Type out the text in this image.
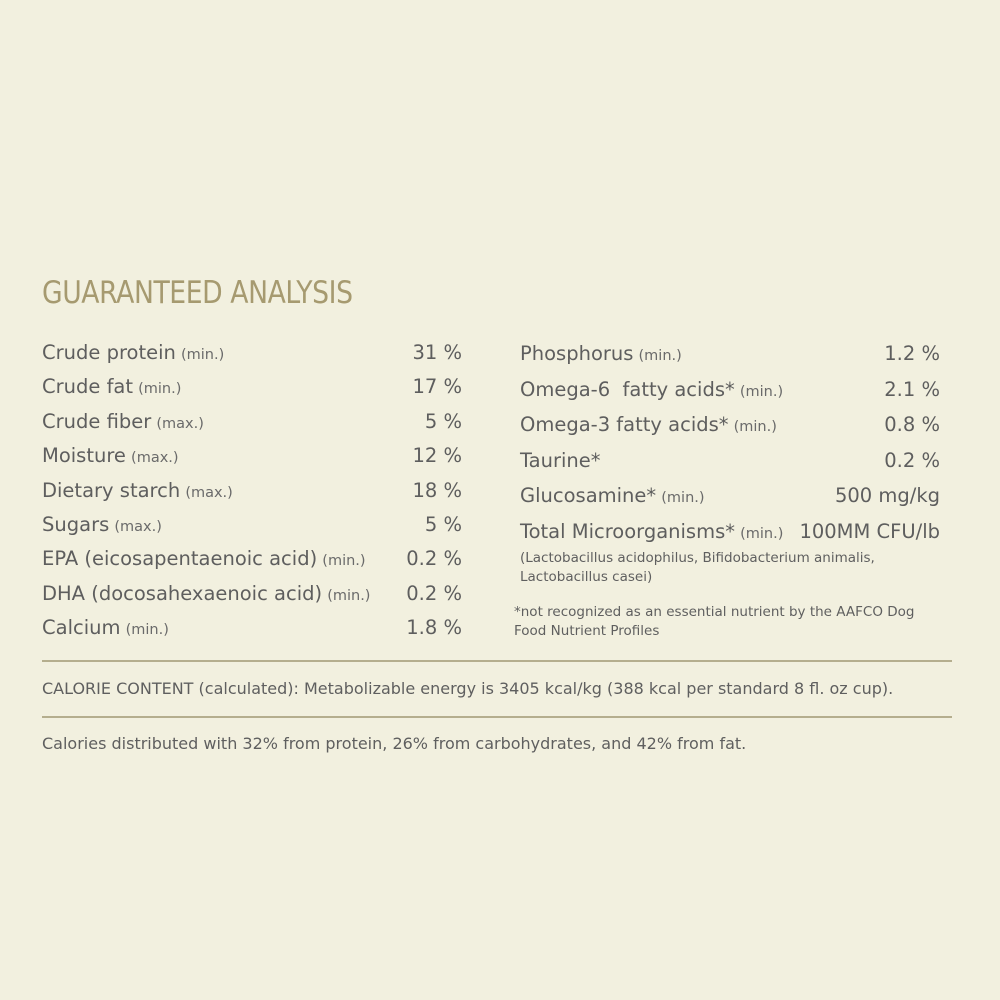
GUARANTEED ANALYSIS
Crude protein (min.)	31 %
Crude fat (min.)	17 %
Crude fiber (max.)	5 %
Moisture (max.)	12 %
Dietary starch (max.)	18 %
Sugars (max.)	5 %
EPA (eicosapentaenoic acid) (min.) 0.2 %
DHA (docosahexaenoic acid) (min.) 0.2 %
Calcium (min.)	1.8 %
Phosphorus (min.)	1.2 %
Omega-6  fatty acids* (min.)	2.1 %
Omega-3 fatty acids* (min.)	0.8 %
Taurine*	0.2 %
Glucosamine* (min.)	500 mg/kg
Total Microorganisms* (min.) 100MM CFU/lb
(Lactobacillus acidophilus, Bifidobacterium animalis, Lactobacillus casei)
*not recognized as an essential nutrient by the AAFCO Dog Food Nutrient Profiles
CALORIE CONTENT (calculated): Metabolizable energy is 3405 kcal/kg (388 kcal per standard 8 fl. oz cup).
Calories distributed with 32% from protein, 26% from carbohydrates, and 42% from fat.
